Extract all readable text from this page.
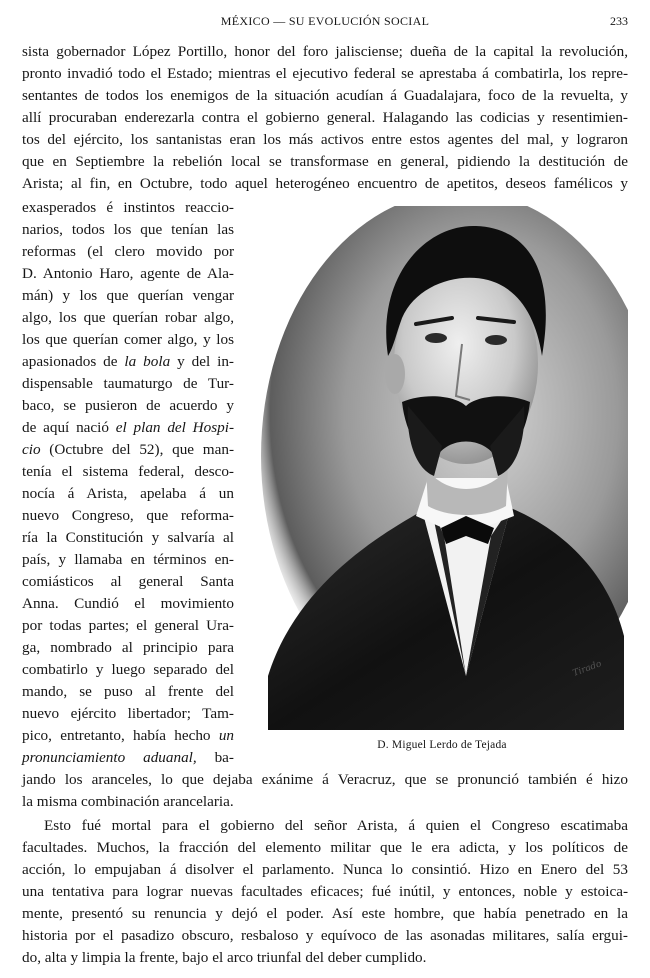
MÉXICO — SU EVOLUCIÓN SOCIAL	233
sista gobernador López Portillo, honor del foro jalisciense; dueña de la capital la revolución,
pronto invadió todo el Estado; mientras el ejecutivo federal se aprestaba á combatirla, los repre-
sentantes de todos los enemigos de la situación acudían á Guadalajara, foco de la revuelta, y
allí procuraban enderezarla contra el gobierno general. Halagando las codicias y resentimien-
tos del ejército, los santanistas eran los más activos entre estos agentes del mal, y lograron
que en Septiembre la rebelión local se transformase en general, pidiendo la destitución de
Arista; al fin, en Octubre, todo aquel heterogéneo encuentro de apetitos, deseos famélicos y
exasperados é instintos reaccio-
narios, todos los que tenían las
reformas (el clero movido por
D. Antonio Haro, agente de Ala-
mán) y los que querían vengar
algo, los que querían robar algo,
los que querían comer algo, y los
apasionados de la bola y del in-
dispensable taumaturgo de Tur-
baco, se pusieron de acuerdo y
de aquí nació el plan del Hospi-
cio (Octubre del 52), que man-
tenía el sistema federal, desco-
nocía á Arista, apelaba á un
nuevo Congreso, que reforma-
ría la Constitución y salvaría al
país, y llamaba en términos en-
comiásticos al general Santa
Anna. Cundió el movimiento
por todas partes; el general Ura-
ga, nombrado al principio para
combatirlo y luego separado del
mando, se puso al frente del
nuevo ejército libertador; Tam-
pico, entretanto, había hecho un
pronunciamiento aduanal, ba-
Tirado
D. Miguel Lerdo de Tejada
jando los aranceles, lo que dejaba exánime á Veracruz, que se pronunció también é hizo
la misma combinación arancelaria.
Esto fué mortal para el gobierno del señor Arista, á quien el Congreso escatimaba
facultades. Muchos, la fracción del elemento militar que le era adicta, y los políticos de
acción, lo empujaban á disolver el parlamento. Nunca lo consintió. Hizo en Enero del 53
una tentativa para lograr nuevas facultades eficaces; fué inútil, y entonces, noble y estoica-
mente, presentó su renuncia y dejó el poder. Así este hombre, que había penetrado en la
historia por el pasadizo obscuro, resbaloso y equívoco de las asonadas militares, salía ergui-
do, alta y limpia la frente, bajo el arco triunfal del deber cumplido.
